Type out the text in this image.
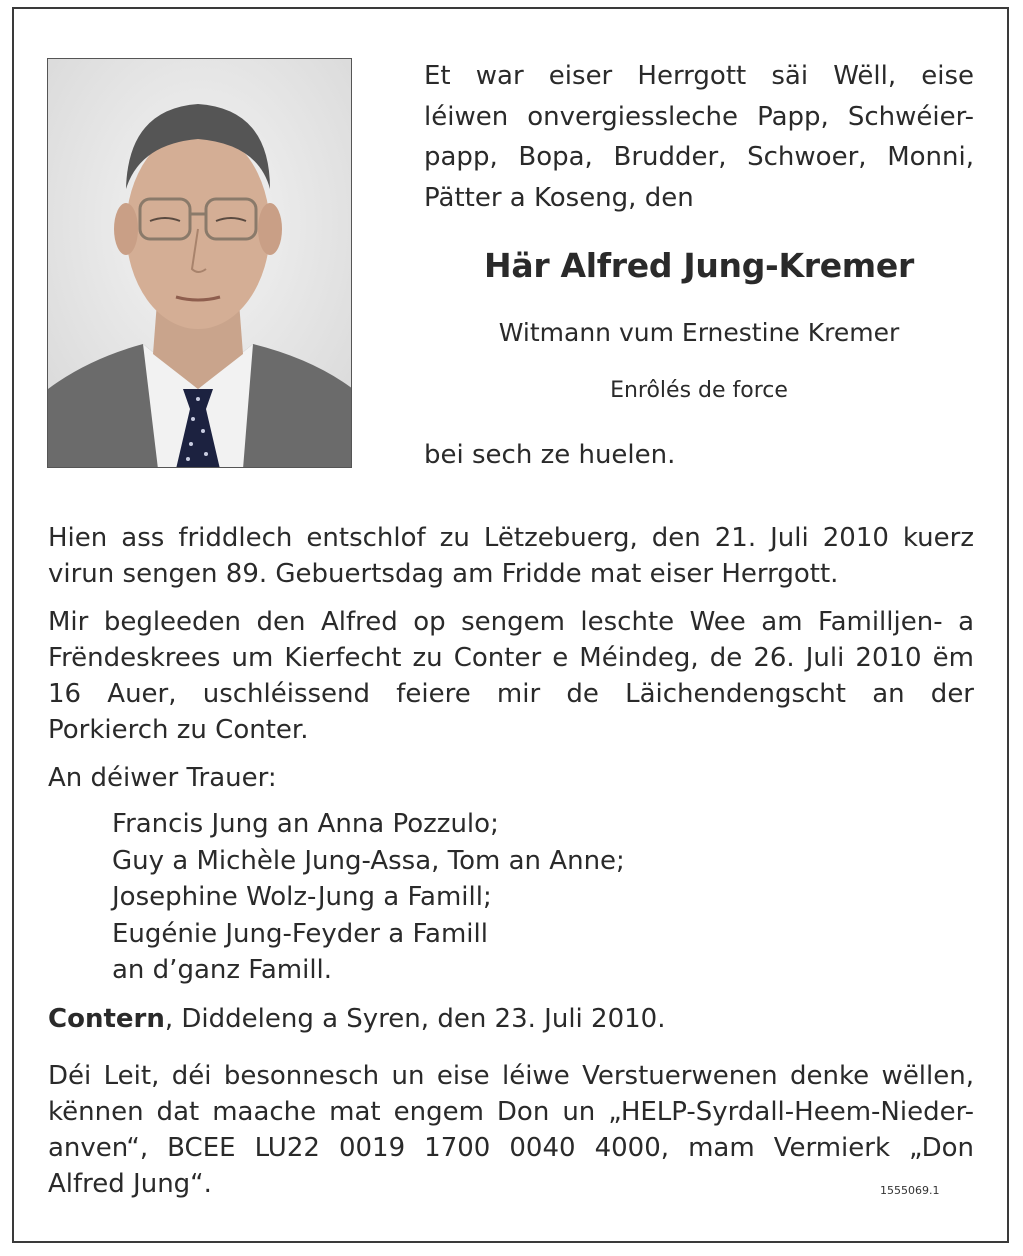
Et war eiser Herrgott säi Wëll, eise
léiwen onvergiessleche Papp, Schwéier-
papp, Bopa, Brudder, Schwoer, Monni,
Pätter a Koseng, den
Här Alfred Jung-Kremer
Witmann vum Ernestine Kremer
Enrôlés de force
bei sech ze huelen.
Hien ass friddlech entschlof zu Lëtzebuerg, den 21. Juli 2010 kuerz
virun sengen 89. Gebuertsdag am Fridde mat eiser Herrgott.
Mir begleeden den Alfred op sengem leschte Wee am Familljen- a
Frëndeskrees um Kierfecht zu Conter e Méindeg, de 26. Juli 2010 ëm
16 Auer, uschléissend feiere mir de Läichendengscht an der
Porkierch zu Conter.
An déiwer Trauer:
Francis Jung an Anna Pozzulo;
Guy a Michèle Jung-Assa, Tom an Anne;
Josephine Wolz-Jung a Famill;
Eugénie Jung-Feyder a Famill
an d’ganz Famill.
Contern, Diddeleng a Syren, den 23. Juli 2010.
Déi Leit, déi besonnesch un eise léiwe Verstuerwenen denke wëllen,
kënnen dat maache mat engem Don un „HELP-Syrdall-Heem-Nieder-
anven“, BCEE LU22 0019 1700 0040 4000, mam Vermierk „Don
Alfred Jung“.	1555069.1
